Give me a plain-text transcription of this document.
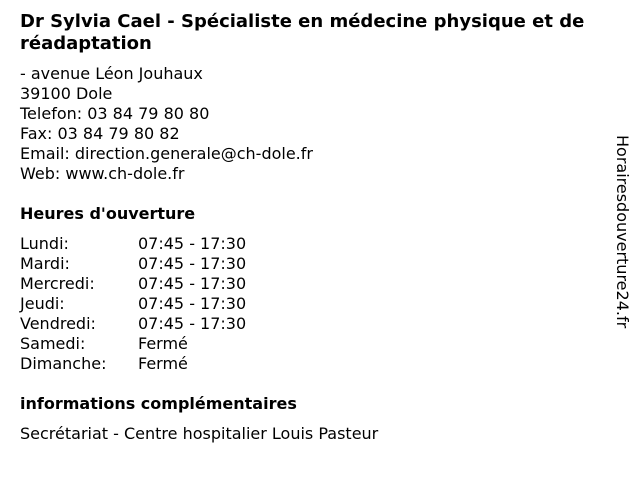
Dr Sylvia Cael - Spécialiste en médecine physique et de réadaptation
- avenue Léon Jouhaux
39100 Dole
Telefon: 03 84 79 80 80
Fax: 03 84 79 80 82
Email: direction.generale@ch-dole.fr
Web: www.ch-dole.fr
Heures d'ouverture
Lundi:	07:45 - 17:30
Mardi:	07:45 - 17:30
Mercredi:	07:45 - 17:30
Jeudi:	07:45 - 17:30
Vendredi:	07:45 - 17:30
Samedi:	Fermé
Dimanche: Fermé
informations complémentaires
Secrétariat - Centre hospitalier Louis Pasteur
Horairesdouverture24.fr
